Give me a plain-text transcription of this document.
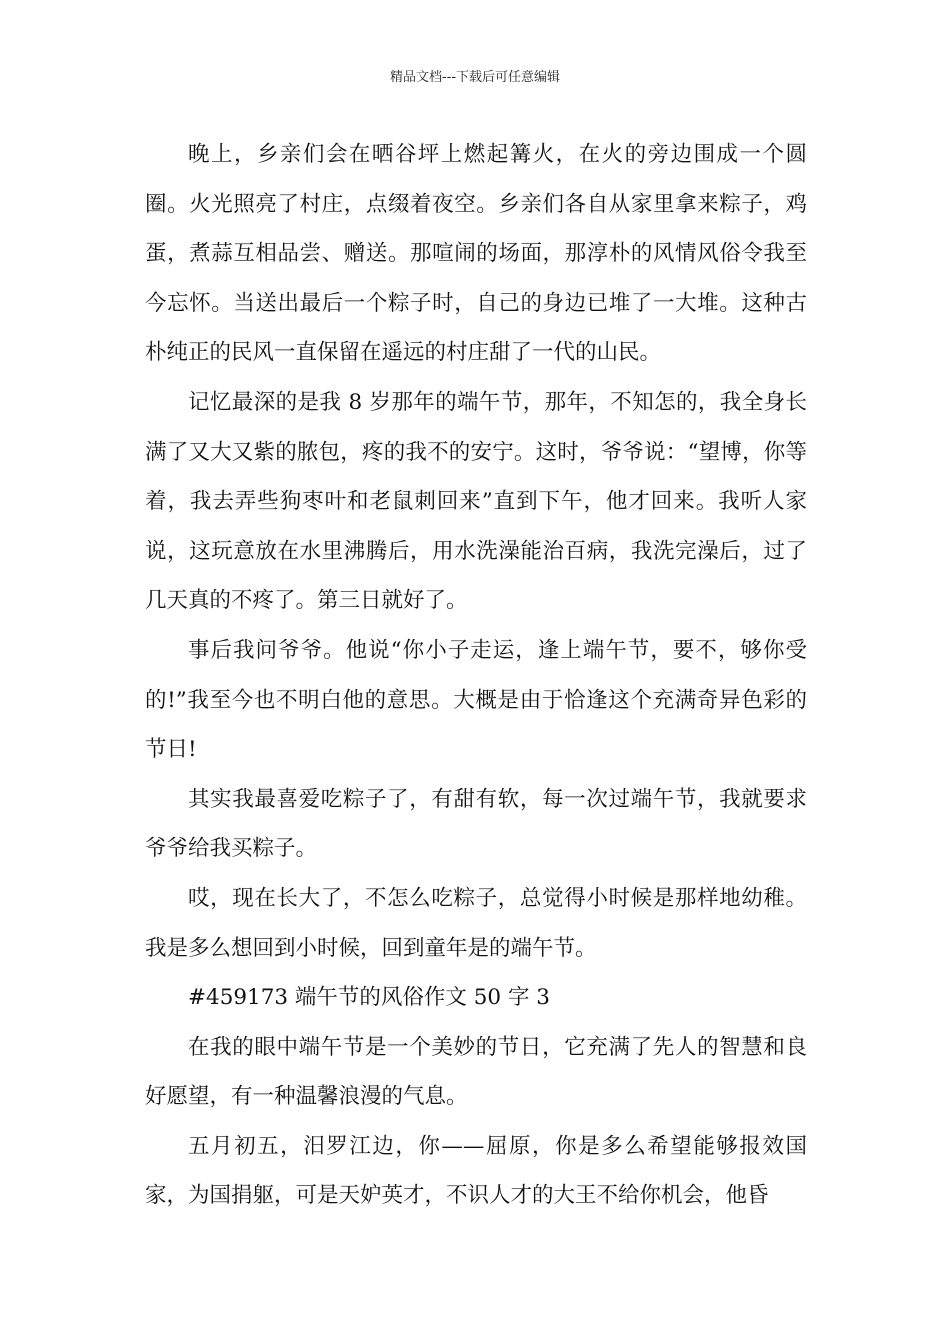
精品文档---下载后可任意编辑

晚上，乡亲们会在晒谷坪上燃起篝火，在火的旁边围成一个圆圈。火光照亮了村庄，点缀着夜空。乡亲们各自从家里拿来粽子，鸡蛋，煮蒜互相品尝、赠送。那喧闹的场面，那淳朴的风情风俗令我至今忘怀。当送出最后一个粽子时，自己的身边已堆了一大堆。这种古朴纯正的民风一直保留在遥远的村庄甜了一代的山民。

记忆最深的是我 8 岁那年的端午节，那年，不知怎的，我全身长满了又大又紫的脓包，疼的我不的安宁。这时，爷爷说：“望博，你等着，我去弄些狗枣叶和老鼠刺回来”直到下午，他才回来。我听人家说，这玩意放在水里沸腾后，用水洗澡能治百病，我洗完澡后，过了几天真的不疼了。第三日就好了。

事后我问爷爷。他说“你小子走运，逢上端午节，要不，够你受的!”我至今也不明白他的意思。大概是由于恰逢这个充满奇异色彩的节日!

其实我最喜爱吃粽子了，有甜有软，每一次过端午节，我就要求爷爷给我买粽子。

哎，现在长大了，不怎么吃粽子，总觉得小时候是那样地幼稚。我是多么想回到小时候，回到童年是的端午节。

#459173 端午节的风俗作文 50 字 3

在我的眼中端午节是一个美妙的节日，它充满了先人的智慧和良好愿望，有一种温馨浪漫的气息。

五月初五，汨罗江边，你——屈原，你是多么希望能够报效国家，为国捐躯，可是天妒英才，不识人才的大王不给你机会，他昏
